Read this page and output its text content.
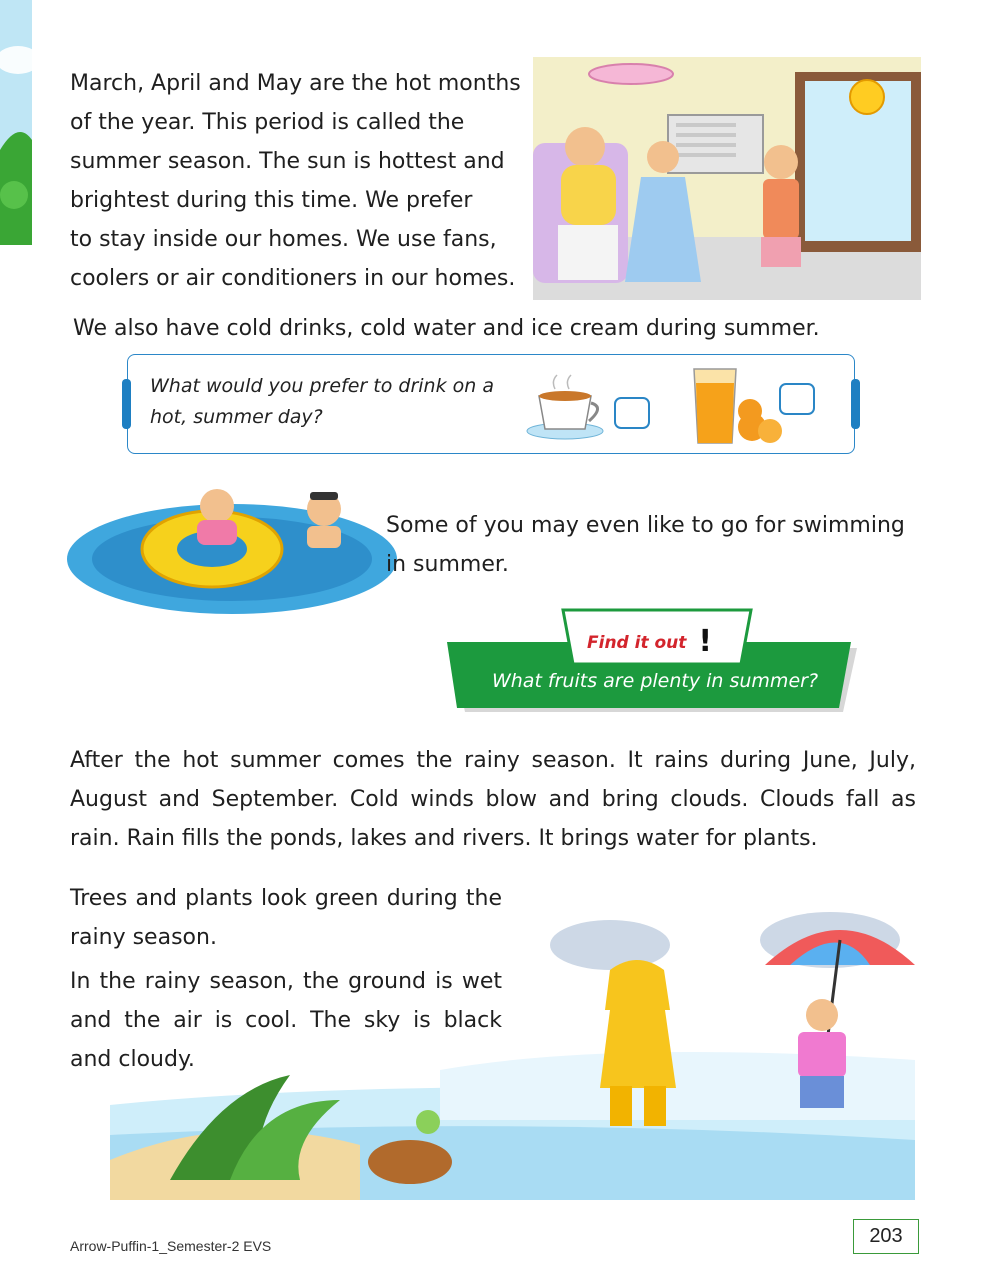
March, April and May are the hot months
of the year. This period is called the
summer season. The sun is hottest and
brightest during this time. We prefer
to stay inside our homes. We use fans,
coolers or air conditioners in our homes.
We also have cold drinks, cold water and ice cream during summer.
What would you prefer to drink on a hot, summer day?
Some of you may even like to go for swimming in summer.
Find it out !
What fruits are plenty in summer?
After the hot summer comes the rainy season. It rains during June, July, August and September. Cold winds blow and bring clouds. Clouds fall as rain. Rain fills the ponds, lakes and rivers. It brings water for plants.
Trees and plants look green during the rainy season.
In the rainy season, the ground is wet and the air is cool. The sky is black and cloudy.
Arrow-Puffin-1_Semester-2 EVS	203
